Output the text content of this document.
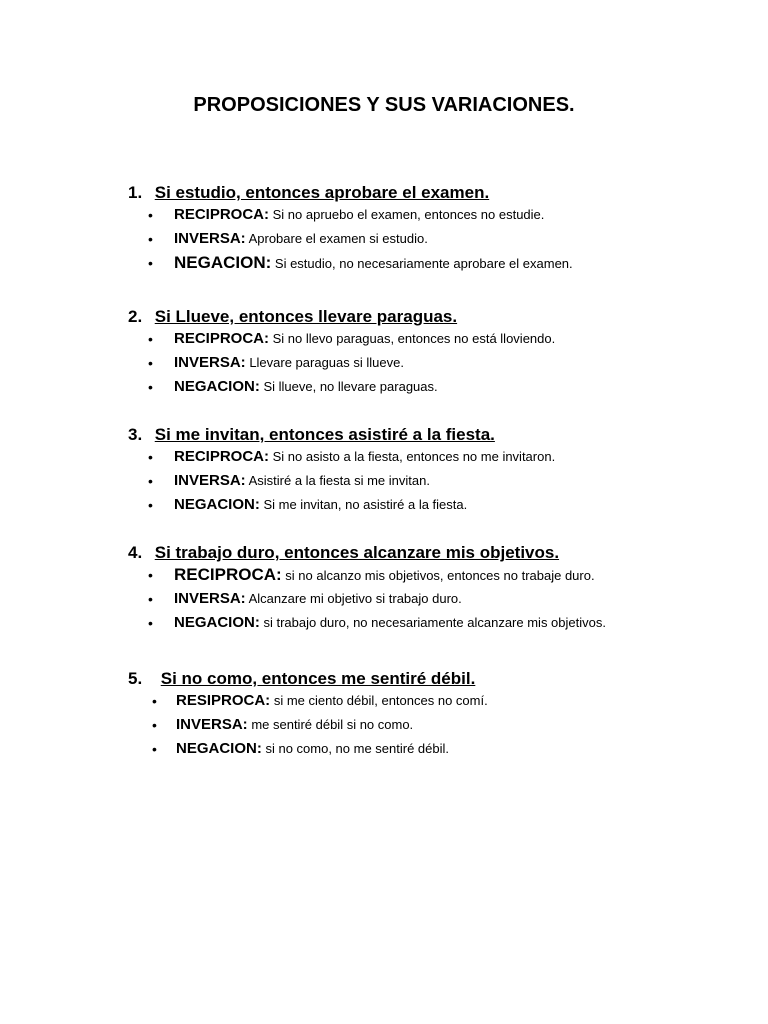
PROPOSICIONES Y SUS VARIACIONES.
1. Si estudio, entonces aprobare el examen.
• RECIPROCA: Si no apruebo el examen, entonces no estudie.
• INVERSA: Aprobare el examen si estudio.
• NEGACION: Si estudio, no necesariamente aprobare el examen.
2. Si Llueve, entonces llevare paraguas.
• RECIPROCA: Si no llevo paraguas, entonces no está lloviendo.
• INVERSA: Llevare paraguas si llueve.
• NEGACION: Si llueve, no llevare paraguas.
3. Si me invitan, entonces asistiré a la fiesta.
• RECIPROCA: Si no asisto a la fiesta, entonces no me invitaron.
• INVERSA: Asistiré a la fiesta si me invitan.
• NEGACION: Si me invitan, no asistiré a la fiesta.
4. Si trabajo duro, entonces alcanzare mis objetivos.
• RECIPROCA: si no alcanzo mis objetivos, entonces no trabaje duro.
• INVERSA: Alcanzare mi objetivo si trabajo duro.
• NEGACION: si trabajo duro, no necesariamente alcanzare mis objetivos.
5. Si no como, entonces me sentiré débil.
• RESIPROCA: si me ciento débil, entonces no comí.
• INVERSA: me sentiré débil si no como.
• NEGACION: si no como, no me sentiré débil.
